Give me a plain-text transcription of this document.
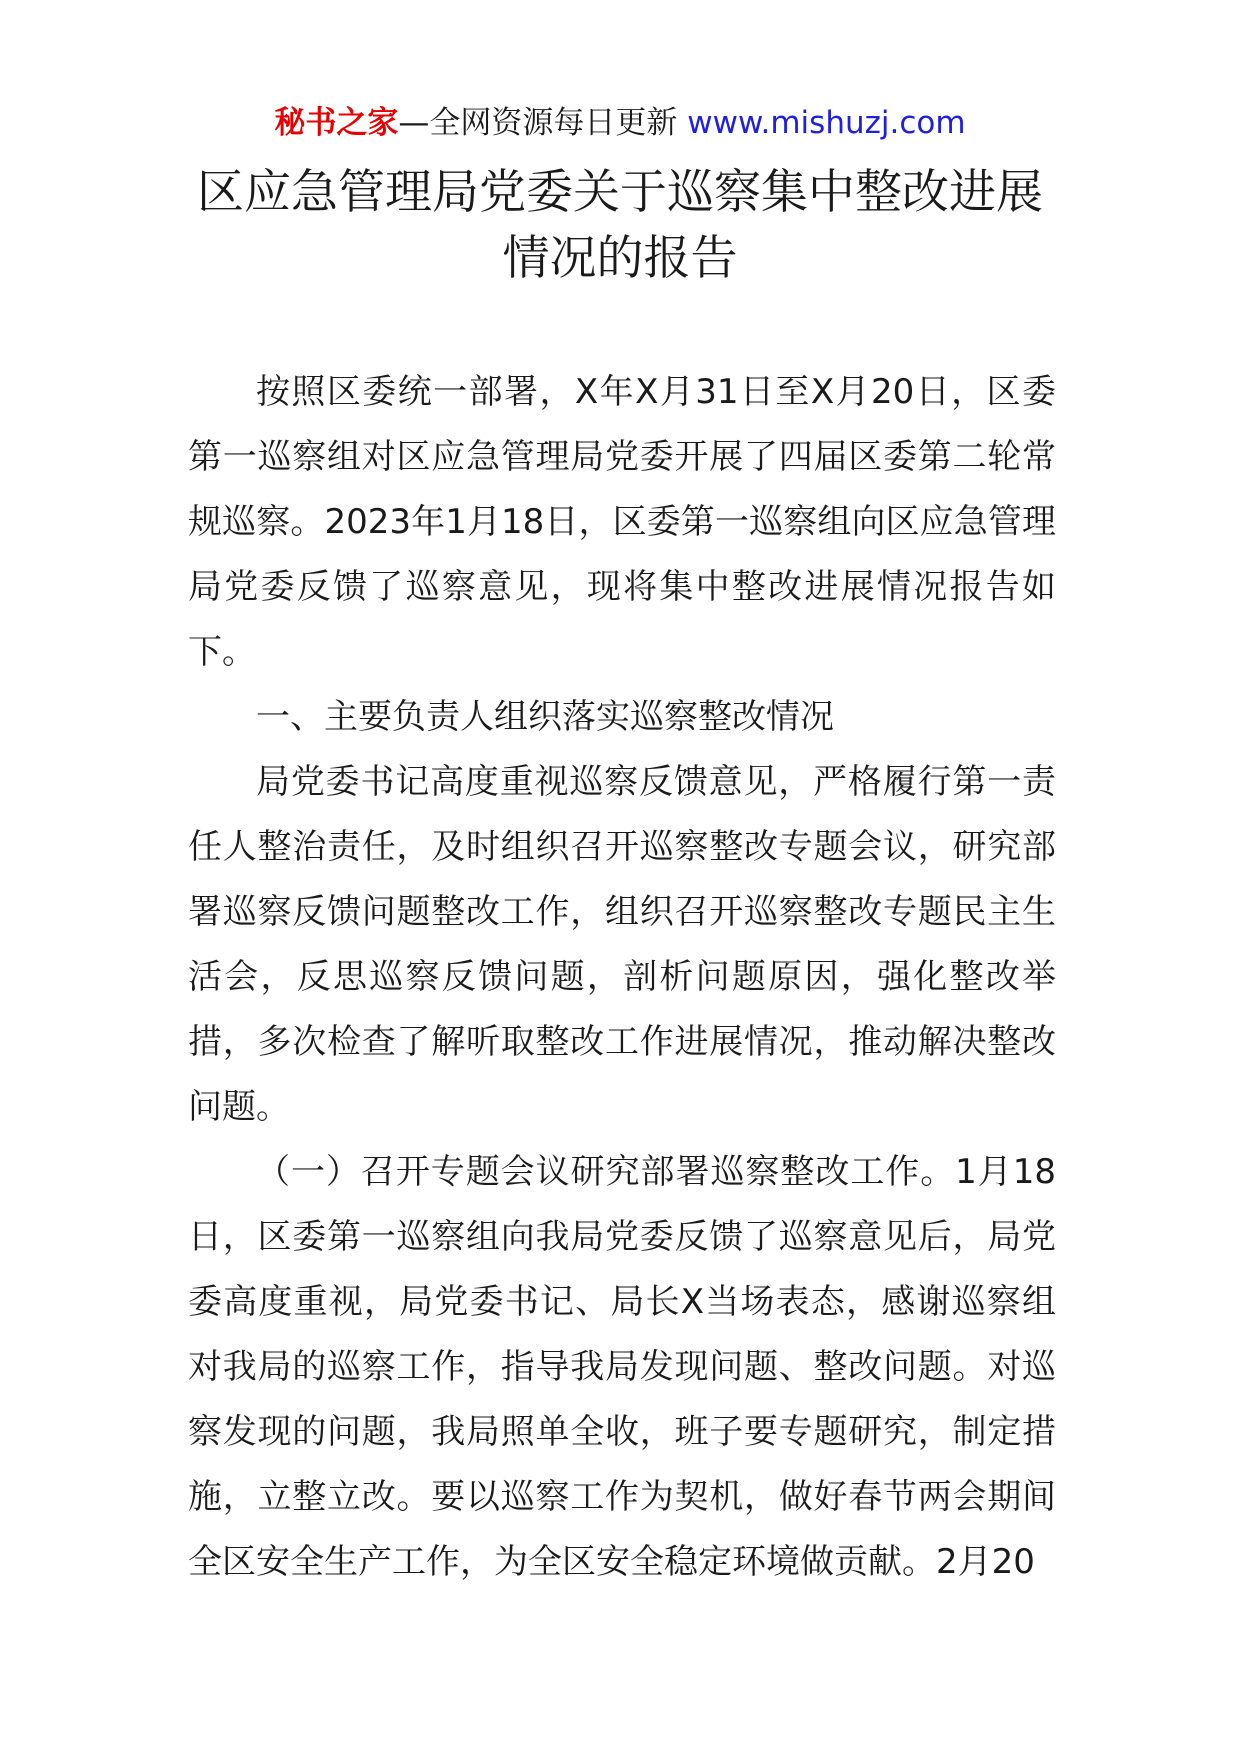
秘书之家—全网资源每日更新 www.mishuzj.com
区应急管理局党委关于巡察集中整改进展
情况的报告

按照区委统一部署，X年X月31日至X月20日，区委第一巡察组对区应急管理局党委开展了四届区委第二轮常规巡察。2023年1月18日，区委第一巡察组向区应急管理局党委反馈了巡察意见，现将集中整改进展情况报告如下。

一、主要负责人组织落实巡察整改情况

局党委书记高度重视巡察反馈意见，严格履行第一责任人整治责任，及时组织召开巡察整改专题会议，研究部署巡察反馈问题整改工作，组织召开巡察整改专题民主生活会，反思巡察反馈问题，剖析问题原因，强化整改举措，多次检查了解听取整改工作进展情况，推动解决整改问题。

（一）召开专题会议研究部署巡察整改工作。1月18日，区委第一巡察组向我局党委反馈了巡察意见后，局党委高度重视，局党委书记、局长X当场表态，感谢巡察组对我局的巡察工作，指导我局发现问题、整改问题。对巡察发现的问题，我局照单全收，班子要专题研究，制定措施，立整立改。要以巡察工作为契机，做好春节两会期间全区安全生产工作，为全区安全稳定环境做贡献。2月20
